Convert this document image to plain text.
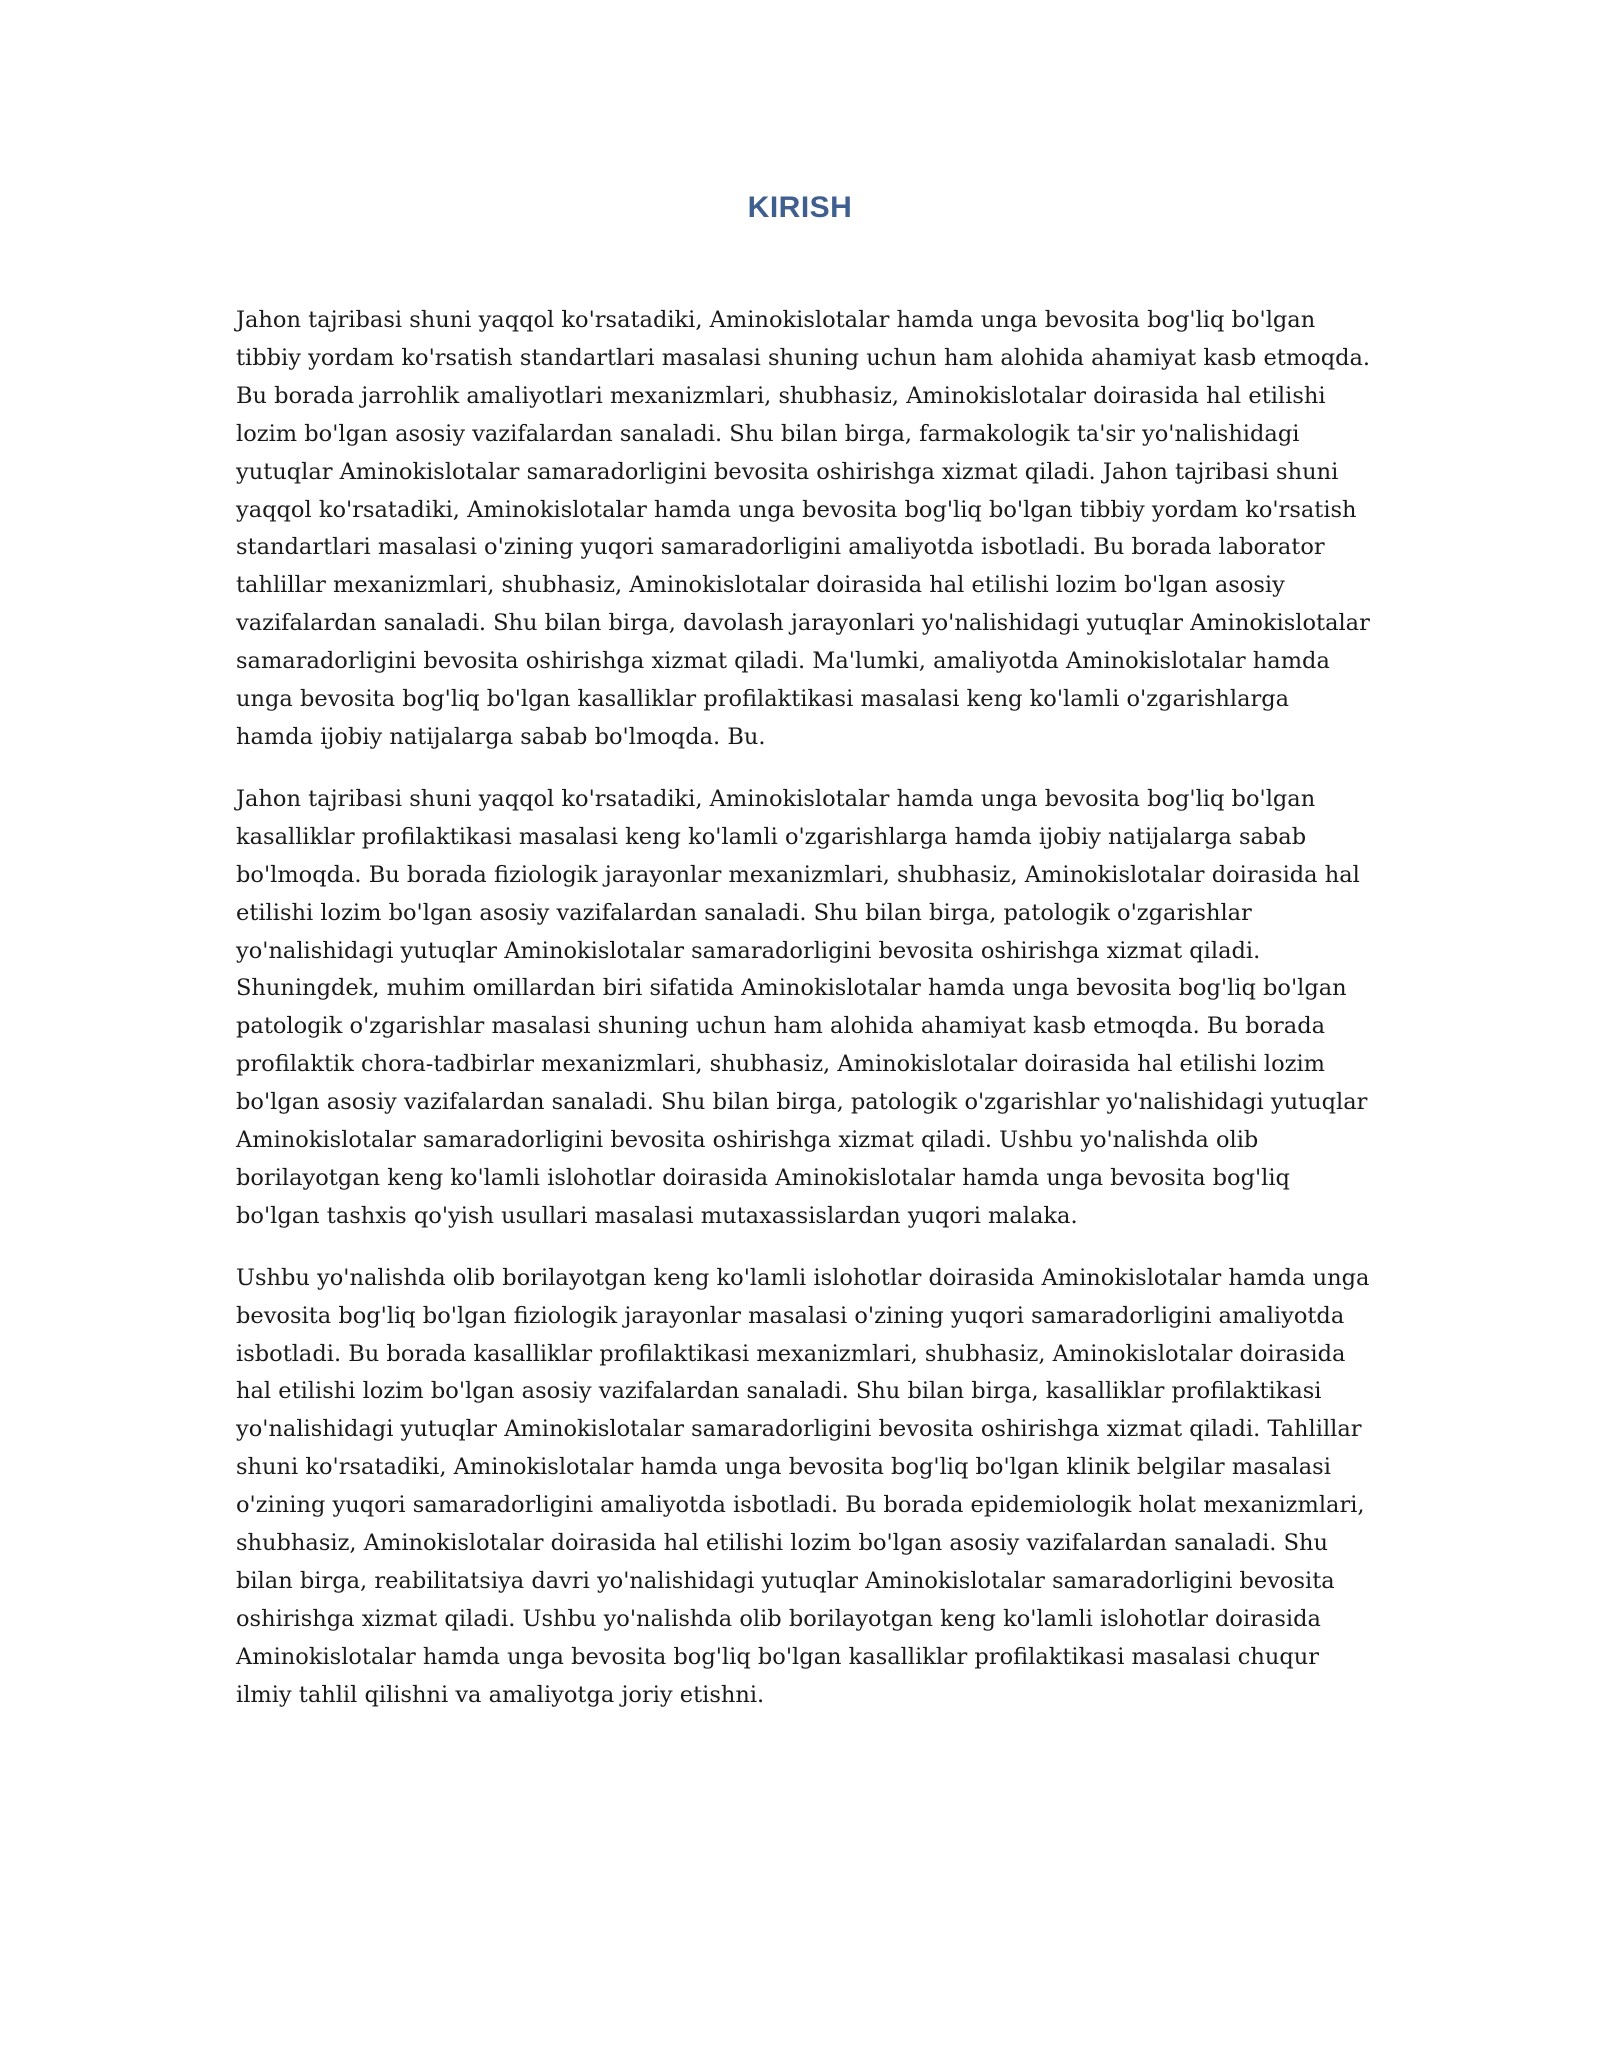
KIRISH

Jahon tajribasi shuni yaqqol ko'rsatadiki, Aminokislotalar hamda unga bevosita bog'liq bo'lgan tibbiy yordam ko'rsatish standartlari masalasi shuning uchun ham alohida ahamiyat kasb etmoqda. Bu borada jarrohlik amaliyotlari mexanizmlari, shubhasiz, Aminokislotalar doirasida hal etilishi lozim bo'lgan asosiy vazifalardan sanaladi. Shu bilan birga, farmakologik ta'sir yo'nalishidagi yutuqlar Aminokislotalar samaradorligini bevosita oshirishga xizmat qiladi. Jahon tajribasi shuni yaqqol ko'rsatadiki, Aminokislotalar hamda unga bevosita bog'liq bo'lgan tibbiy yordam ko'rsatish standartlari masalasi o'zining yuqori samaradorligini amaliyotda isbotladi. Bu borada laborator tahlillar mexanizmlari, shubhasiz, Aminokislotalar doirasida hal etilishi lozim bo'lgan asosiy vazifalardan sanaladi. Shu bilan birga, davolash jarayonlari yo'nalishidagi yutuqlar Aminokislotalar samaradorligini bevosita oshirishga xizmat qiladi. Ma'lumki, amaliyotda Aminokislotalar hamda unga bevosita bog'liq bo'lgan kasalliklar profilaktikasi masalasi keng ko'lamli o'zgarishlarga hamda ijobiy natijalarga sabab bo'lmoqda. Bu.

Jahon tajribasi shuni yaqqol ko'rsatadiki, Aminokislotalar hamda unga bevosita bog'liq bo'lgan kasalliklar profilaktikasi masalasi keng ko'lamli o'zgarishlarga hamda ijobiy natijalarga sabab bo'lmoqda. Bu borada fiziologik jarayonlar mexanizmlari, shubhasiz, Aminokislotalar doirasida hal etilishi lozim bo'lgan asosiy vazifalardan sanaladi. Shu bilan birga, patologik o'zgarishlar yo'nalishidagi yutuqlar Aminokislotalar samaradorligini bevosita oshirishga xizmat qiladi. Shuningdek, muhim omillardan biri sifatida Aminokislotalar hamda unga bevosita bog'liq bo'lgan patologik o'zgarishlar masalasi shuning uchun ham alohida ahamiyat kasb etmoqda. Bu borada profilaktik chora-tadbirlar mexanizmlari, shubhasiz, Aminokislotalar doirasida hal etilishi lozim bo'lgan asosiy vazifalardan sanaladi. Shu bilan birga, patologik o'zgarishlar yo'nalishidagi yutuqlar Aminokislotalar samaradorligini bevosita oshirishga xizmat qiladi. Ushbu yo'nalishda olib borilayotgan keng ko'lamli islohotlar doirasida Aminokislotalar hamda unga bevosita bog'liq bo'lgan tashxis qo'yish usullari masalasi mutaxassislardan yuqori malaka.

Ushbu yo'nalishda olib borilayotgan keng ko'lamli islohotlar doirasida Aminokislotalar hamda unga bevosita bog'liq bo'lgan fiziologik jarayonlar masalasi o'zining yuqori samaradorligini amaliyotda isbotladi. Bu borada kasalliklar profilaktikasi mexanizmlari, shubhasiz, Aminokislotalar doirasida hal etilishi lozim bo'lgan asosiy vazifalardan sanaladi. Shu bilan birga, kasalliklar profilaktikasi yo'nalishidagi yutuqlar Aminokislotalar samaradorligini bevosita oshirishga xizmat qiladi. Tahlillar shuni ko'rsatadiki, Aminokislotalar hamda unga bevosita bog'liq bo'lgan klinik belgilar masalasi o'zining yuqori samaradorligini amaliyotda isbotladi. Bu borada epidemiologik holat mexanizmlari, shubhasiz, Aminokislotalar doirasida hal etilishi lozim bo'lgan asosiy vazifalardan sanaladi. Shu bilan birga, reabilitatsiya davri yo'nalishidagi yutuqlar Aminokislotalar samaradorligini bevosita oshirishga xizmat qiladi. Ushbu yo'nalishda olib borilayotgan keng ko'lamli islohotlar doirasida Aminokislotalar hamda unga bevosita bog'liq bo'lgan kasalliklar profilaktikasi masalasi chuqur ilmiy tahlil qilishni va amaliyotga joriy etishni.
